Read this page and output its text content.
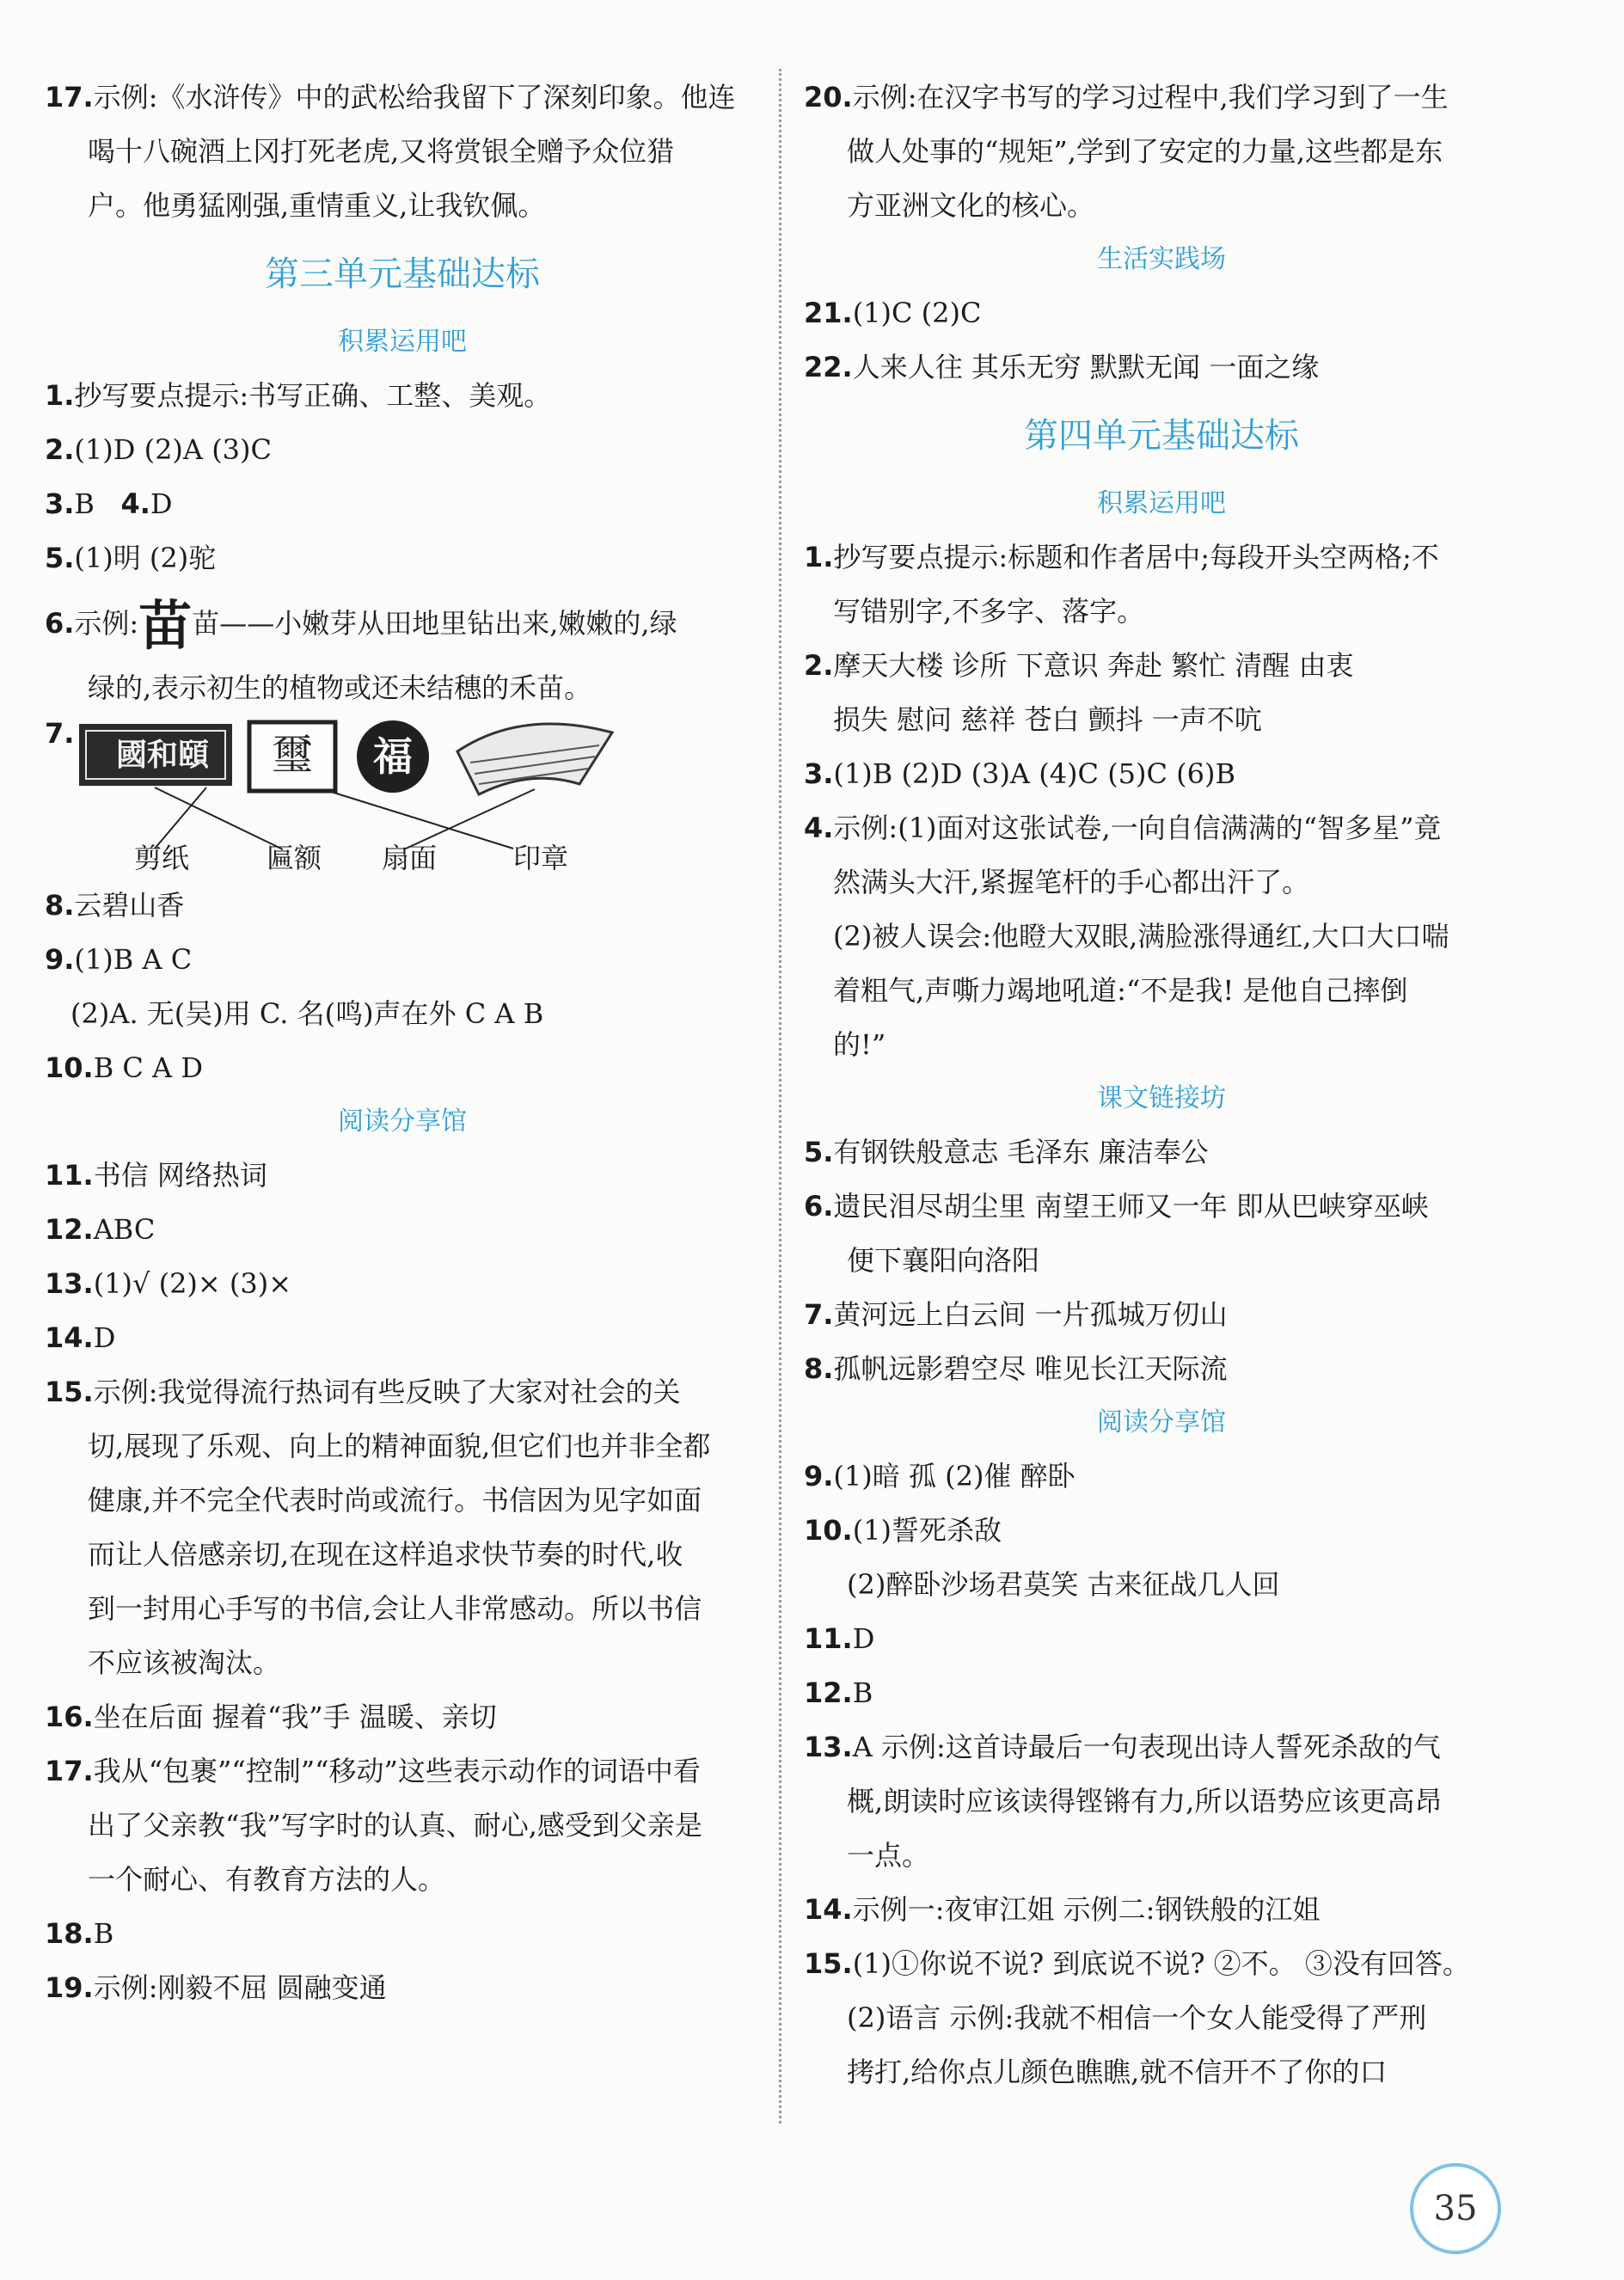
17.示例:《水浒传》中的武松给我留下了深刻印象。他连
喝十八碗酒上冈打死老虎,又将赏银全赠予众位猎
户。他勇猛刚强,重情重义,让我钦佩。
第三单元基础达标
积累运用吧
1.抄写要点提示:书写正确、工整、美观。
2.(1)D (2)A (3)C
3.B 4.D
5.(1)明 (2)驼
6.示例:苗苗——小嫩芽从田地里钻出来,嫩嫩的,绿
绿的,表示初生的植物或还未结穗的禾苗。
7.
國和頤	璽	福
剪纸	匾额 扇面	印章
8.云碧山香
9.(1)B A C
(2)A. 无(吴)用 C. 名(鸣)声在外 C A B
10.B C A D
阅读分享馆
11.书信 网络热词
12.ABC
13.(1)√ (2)× (3)×
14.D
15.示例:我觉得流行热词有些反映了大家对社会的关
切,展现了乐观、向上的精神面貌,但它们也并非全都
健康,并不完全代表时尚或流行。书信因为见字如面
而让人倍感亲切,在现在这样追求快节奏的时代,收
到一封用心手写的书信,会让人非常感动。所以书信
不应该被淘汰。
16.坐在后面 握着“我”手 温暖、亲切
17.我从“包裹”“控制”“移动”这些表示动作的词语中看
出了父亲教“我”写字时的认真、耐心,感受到父亲是
一个耐心、有教育方法的人。
18.B
19.示例:刚毅不屈 圆融变通
20.示例:在汉字书写的学习过程中,我们学习到了一生
做人处事的“规矩”,学到了安定的力量,这些都是东
方亚洲文化的核心。
生活实践场
21.(1)C (2)C
22.人来人往 其乐无穷 默默无闻 一面之缘
第四单元基础达标
积累运用吧
1.抄写要点提示:标题和作者居中;每段开头空两格;不
写错别字,不多字、落字。
2.摩天大楼 诊所 下意识 奔赴 繁忙 清醒 由衷
损失 慰问 慈祥 苍白 颤抖 一声不吭
3.(1)B (2)D (3)A (4)C (5)C (6)B
4.示例:(1)面对这张试卷,一向自信满满的“智多星”竟
然满头大汗,紧握笔杆的手心都出汗了。
(2)被人误会:他瞪大双眼,满脸涨得通红,大口大口喘
着粗气,声嘶力竭地吼道:“不是我! 是他自己摔倒
的!”
课文链接坊
5.有钢铁般意志 毛泽东 廉洁奉公
6.遗民泪尽胡尘里 南望王师又一年 即从巴峡穿巫峡
便下襄阳向洛阳
7.黄河远上白云间 一片孤城万仞山
8.孤帆远影碧空尽 唯见长江天际流
阅读分享馆
9.(1)暗 孤 (2)催 醉卧
10.(1)誓死杀敌
(2)醉卧沙场君莫笑 古来征战几人回
11.D
12.B
13.A 示例:这首诗最后一句表现出诗人誓死杀敌的气
概,朗读时应该读得铿锵有力,所以语势应该更高昂
一点。
14.示例一:夜审江姐 示例二:钢铁般的江姐
15.(1)①你说不说? 到底说不说? ②不。 ③没有回答。
(2)语言 示例:我就不相信一个女人能受得了严刑
拷打,给你点儿颜色瞧瞧,就不信开不了你的口
35
